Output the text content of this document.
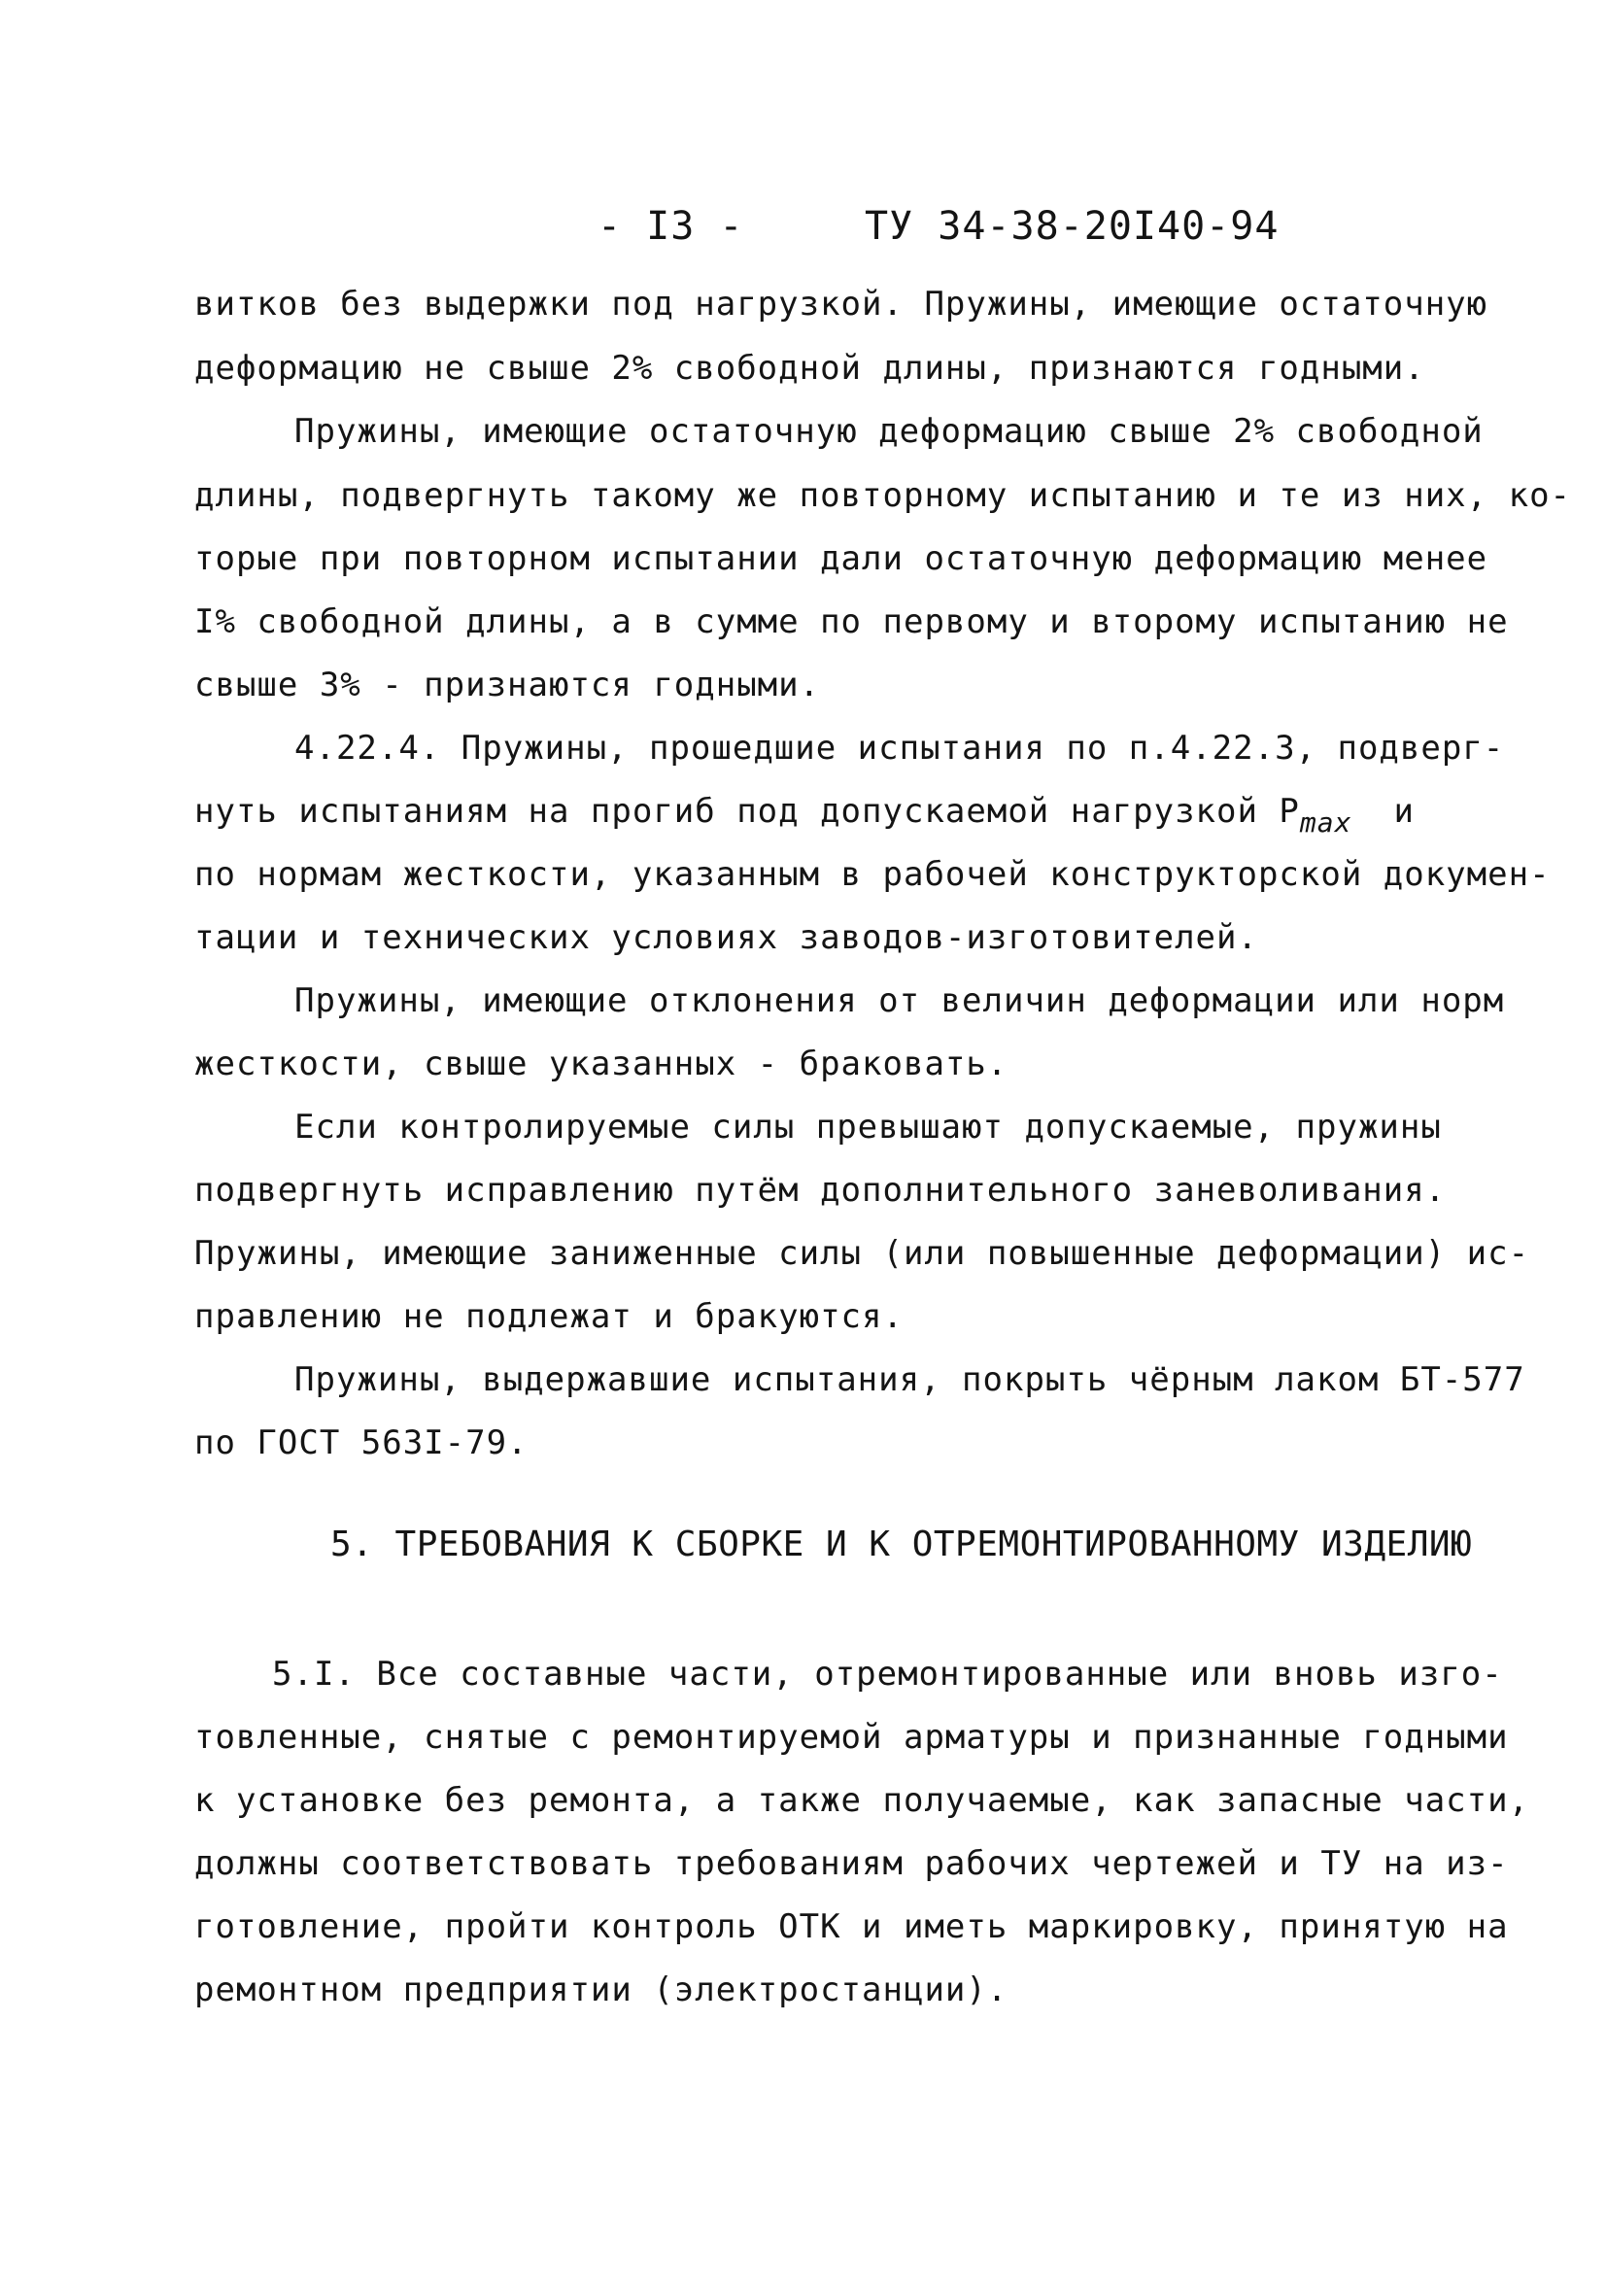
- I3 -	ТУ 34-38-20I40-94
витков без выдержки под нагрузкой. Пружины, имеющие остаточную
деформацию не свыше 2% свободной длины, признаются годными.
Пружины, имеющие остаточную деформацию свыше 2% свободной
длины, подвергнуть такому же повторному испытанию и те из них, ко-
торые при повторном испытании дали остаточную деформацию менее
I% свободной длины, а в сумме по первому и второму испытанию не
свыше 3% - признаются годными.
4.22.4. Пружины, прошедшие испытания по п.4.22.3, подверг-
нуть испытаниям на прогиб под допускаемой нагрузкой $P_{max}$ и
по нормам жесткости, указанным в рабочей конструкторской докумен-
тации и технических условиях заводов-изготовителей.
Пружины, имеющие отклонения от величин деформации или норм
жесткости, свыше указанных - браковать.
Если контролируемые силы превышают допускаемые, пружины
подвергнуть исправлению путём дополнительного заневоливания.
Пружины, имеющие заниженные силы (или повышенные деформации) ис-
правлению не подлежат и бракуются.
Пружины, выдержавшие испытания, покрыть чёрным лаком БТ-577
по ГОСТ 563I-79.
5. ТРЕБОВАНИЯ К СБОРКЕ И К ОТРЕМОНТИРОВАННОМУ ИЗДЕЛИЮ
5.I. Все составные части, отремонтированные или вновь изго-
товленные, снятые с ремонтируемой арматуры и признанные годными
к установке без ремонта, а также получаемые, как запасные части,
должны соответствовать требованиям рабочих чертежей и ТУ на из-
готовление, пройти контроль ОТК и иметь маркировку, принятую на
ремонтном предприятии (электростанции).
